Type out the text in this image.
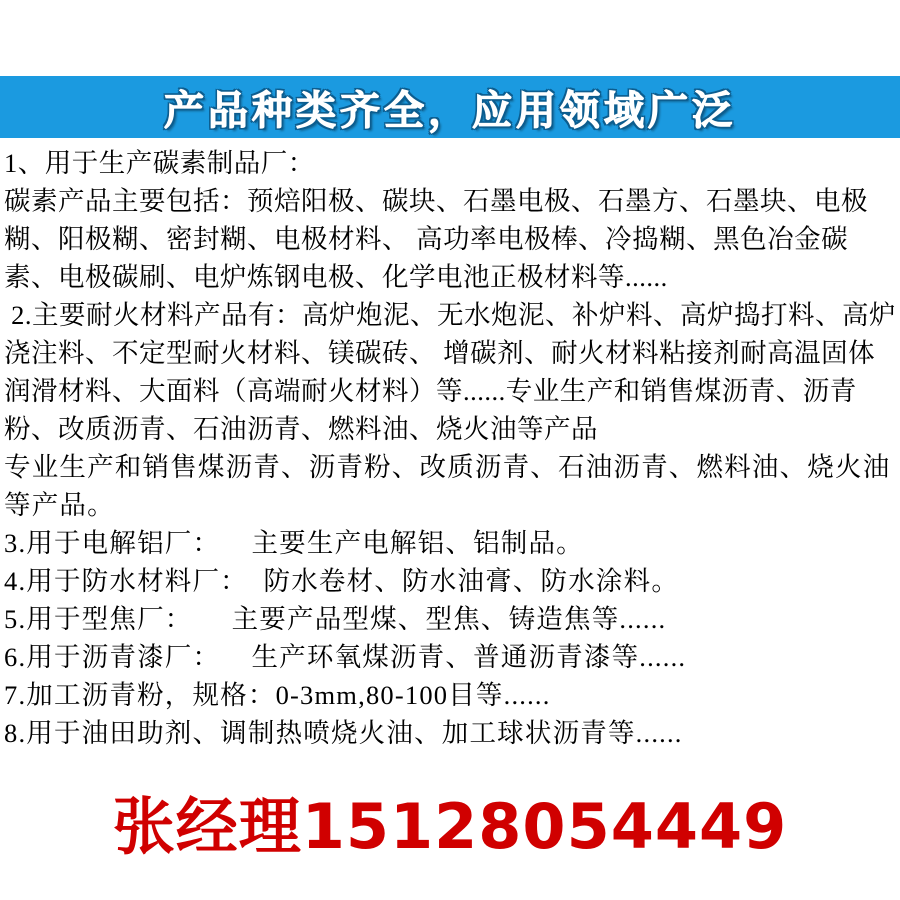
产品种类齐全，应用领域广泛
1、用于生产碳素制品厂：
碳素产品主要包括：预焙阳极、碳块、石墨电极、石墨方、石墨块、电极糊、阳极糊、密封糊、电极材料、 高功率电极棒、冷捣糊、黑色冶金碳素、电极碳刷、电炉炼钢电极、化学电池正极材料等......
2.主要耐火材料产品有：高炉炮泥、无水炮泥、补炉料、高炉捣打料、高炉浇注料、不定型耐火材料、镁碳砖、 增碳剂、耐火材料粘接剂耐高温固体润滑材料、大面料（高端耐火材料）等......专业生产和销售煤沥青、沥青粉、改质沥青、石油沥青、燃料油、烧火油等产品
专业生产和销售煤沥青、沥青粉、改质沥青、石油沥青、燃料油、烧火油等产品。
3.用于电解铝厂：    主要生产电解铝、铝制品。
4.用于防水材料厂：  防水卷材、防水油膏、防水涂料。
5.用于型焦厂：     主要产品型煤、型焦、铸造焦等......
6.用于沥青漆厂：    生产环氧煤沥青、普通沥青漆等......
7.加工沥青粉，规格：0-3mm,80-100目等......
8.用于油田助剂、调制热喷烧火油、加工球状沥青等......
张经理15128054449
